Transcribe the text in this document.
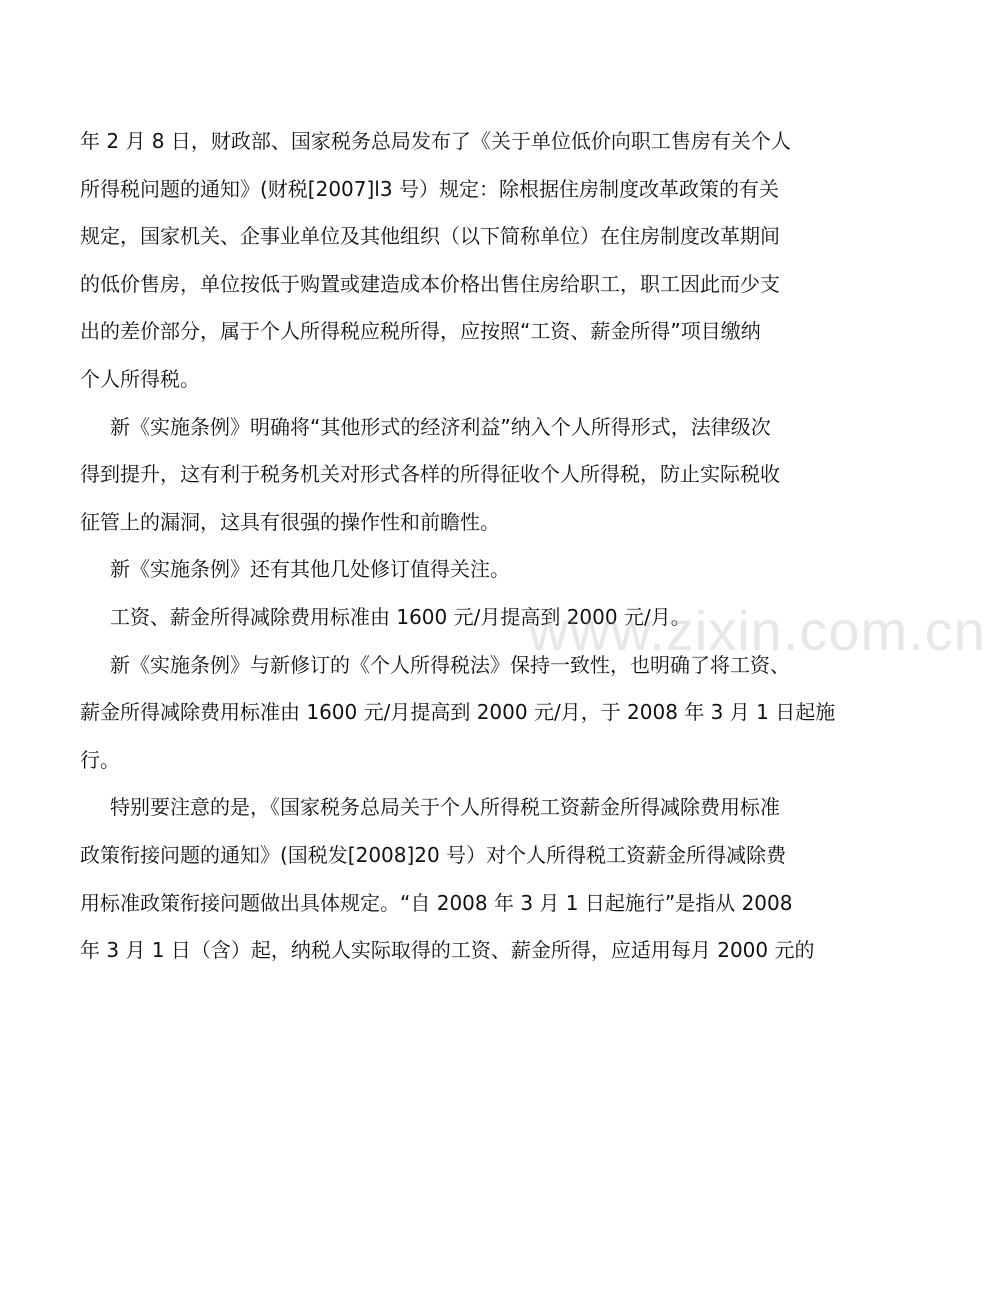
年 2 月 8 日，财政部、国家税务总局发布了《关于单位低价向职工售房有关个人
所得税问题的通知》(财税[2007]l3 号）规定：除根据住房制度改革政策的有关
规定，国家机关、企事业单位及其他组织（以下简称单位）在住房制度改革期间
的低价售房，单位按低于购置或建造成本价格出售住房给职工，职工因此而少支
出的差价部分，属于个人所得税应税所得，应按照“工资、薪金所得”项目缴纳
个人所得税。
新《实施条例》明确将“其他形式的经济利益”纳入个人所得形式，法律级次
得到提升，这有利于税务机关对形式各样的所得征收个人所得税，防止实际税收
征管上的漏洞，这具有很强的操作性和前瞻性。
新《实施条例》还有其他几处修订值得关注。
工资、薪金所得减除费用标准由 1600 元/月提高到 2000 元/月。
新《实施条例》与新修订的《个人所得税法》保持一致性，也明确了将工资、
薪金所得减除费用标准由 1600 元/月提高到 2000 元/月，于 2008 年 3 月 1 日起施
行。
特别要注意的是，《国家税务总局关于个人所得税工资薪金所得减除费用标准
政策衔接问题的通知》(国税发[2008]20 号）对个人所得税工资薪金所得减除费
用标准政策衔接问题做出具体规定。“自 2008 年 3 月 1 日起施行”是指从 2008
年 3 月 1 日（含）起，纳税人实际取得的工资、薪金所得，应适用每月 2000 元的
www.zixin.com.cn
